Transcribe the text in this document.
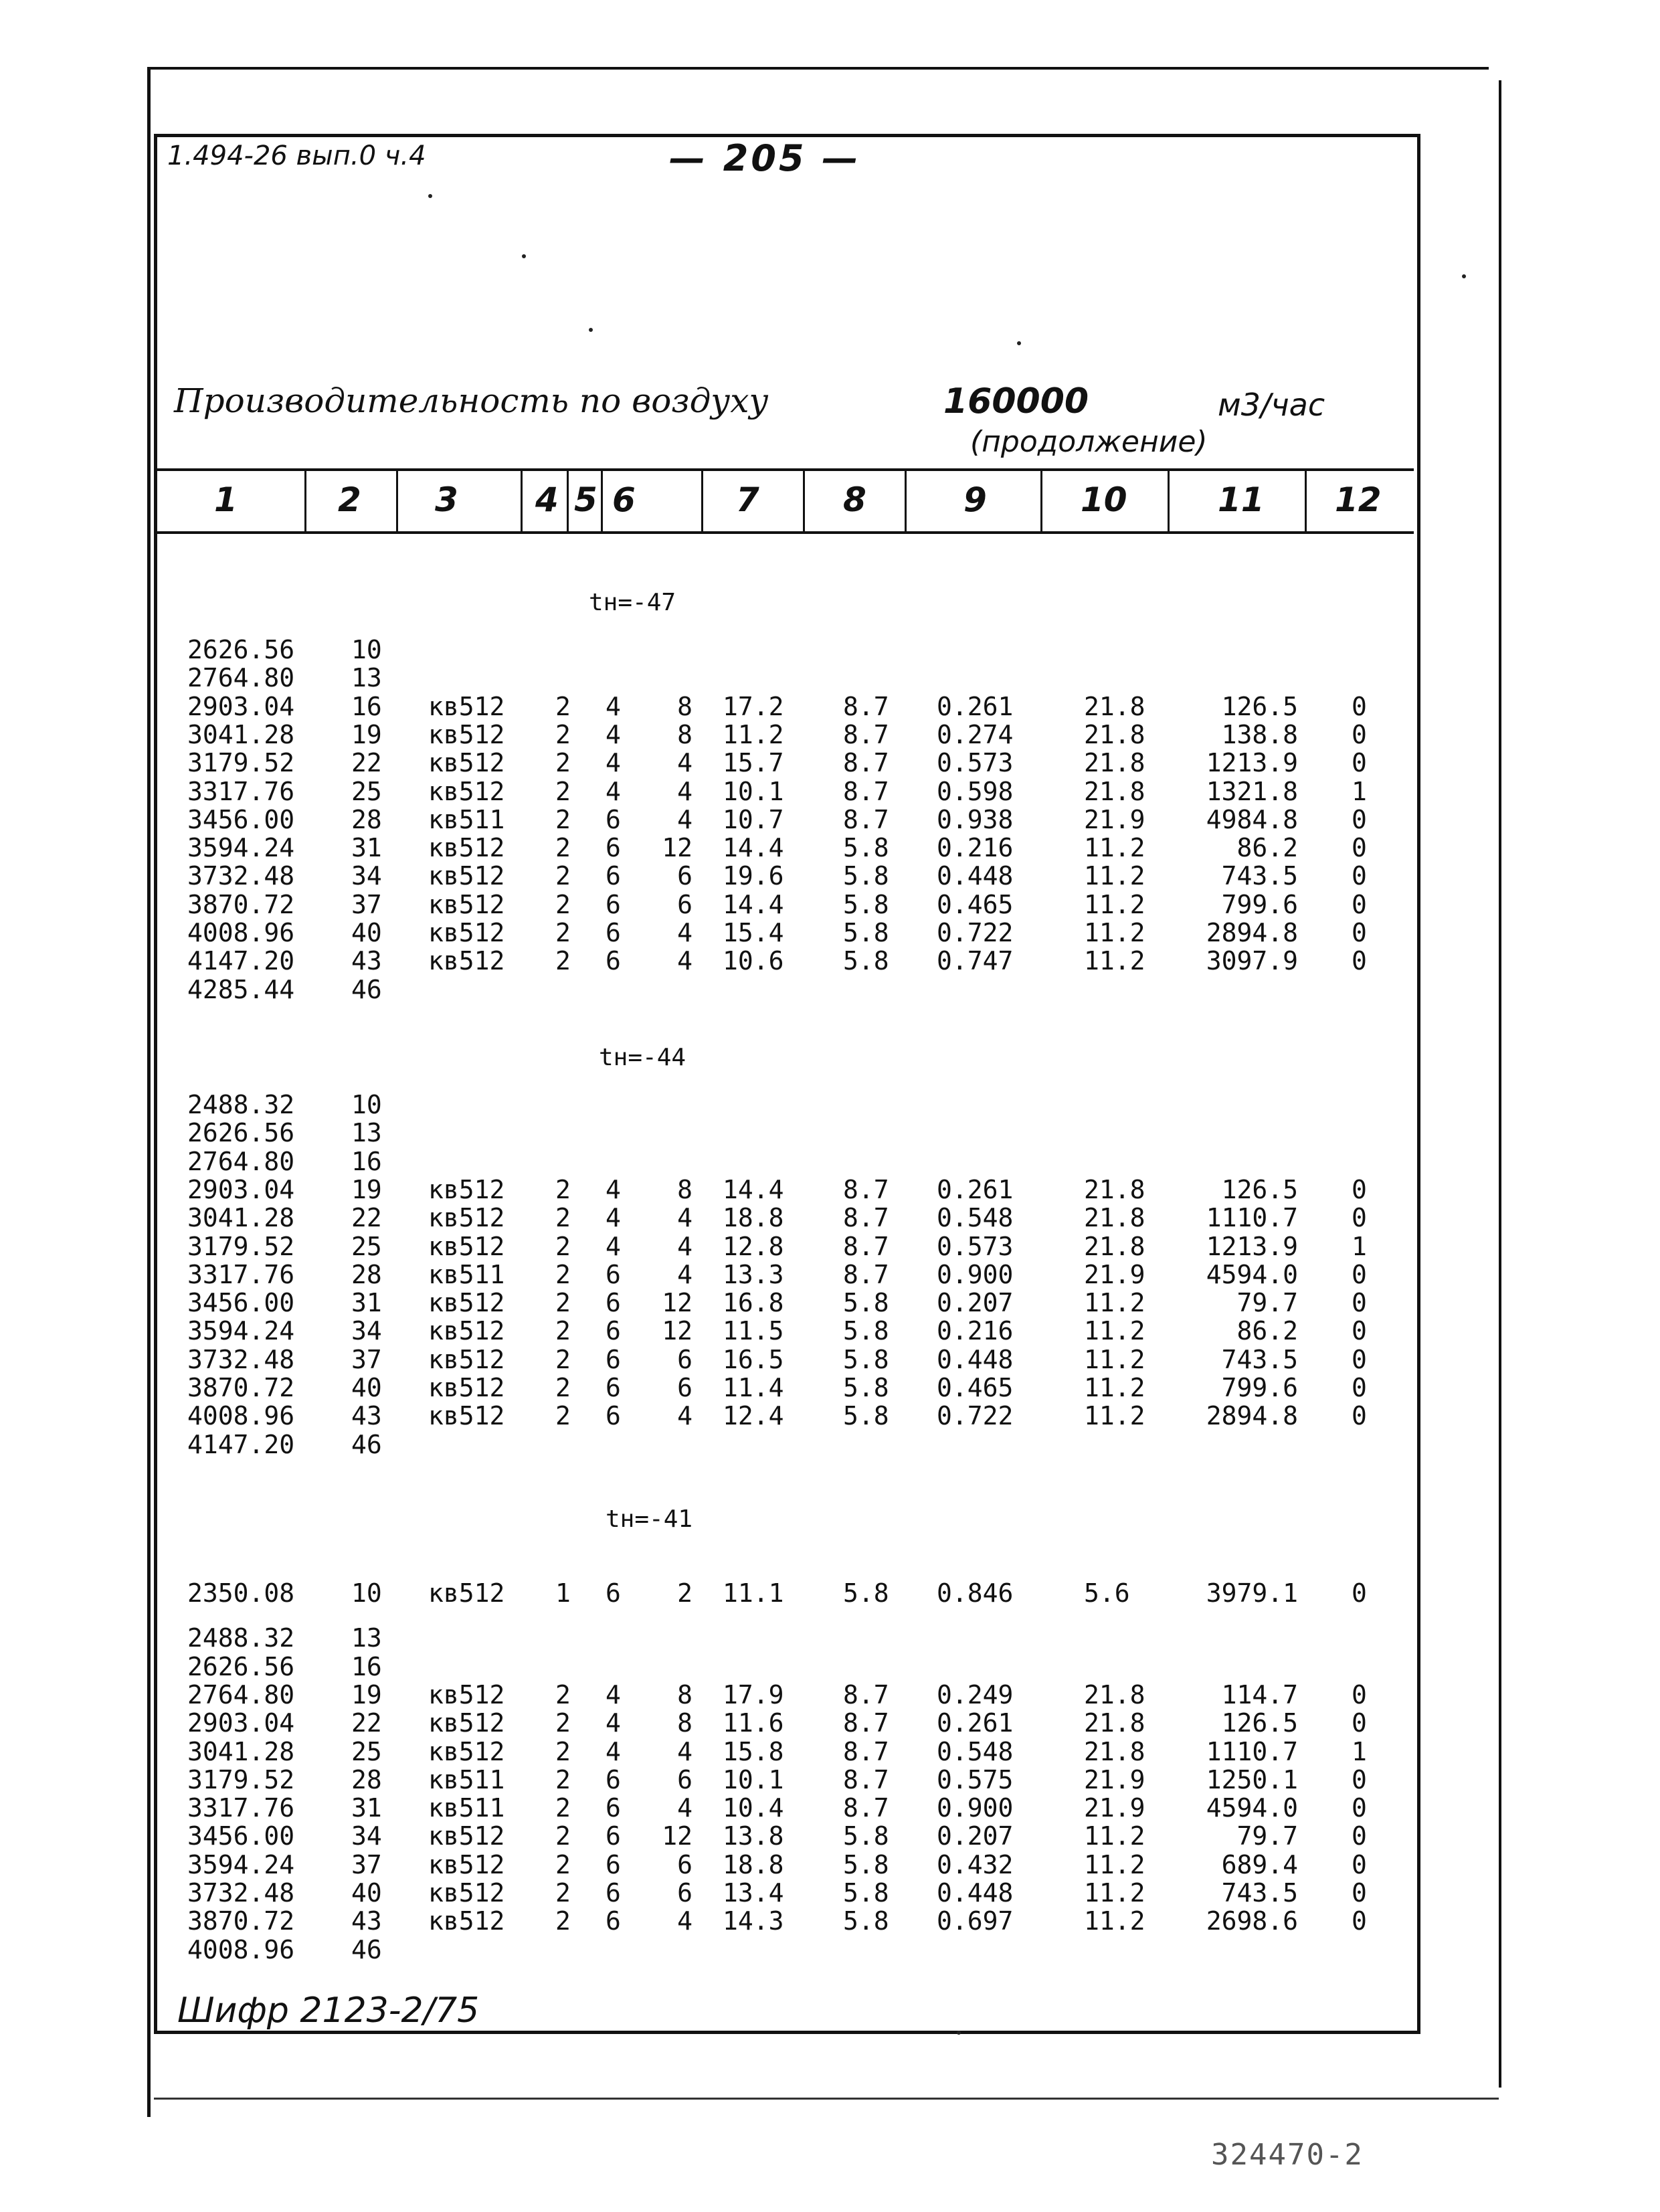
1.494-26 вып.0 ч.4	— 205 —
Производительность по воздуху	160000	м3/час
(продолжение)
1	2 3 4 5 6	7	8	9	10	11 12
tн=-47
2626.56 10
2764.80 13
2903.04 16 кв512 2 4	8 17.2 8.7 0.261	21.8	126.5 0
3041.28 19 кв512 2 4	8 11.2 8.7 0.274	21.8	138.8 0
3179.52 22 кв512 2 4	4 15.7 8.7 0.573	21.8	1213.9 0
3317.76 25 кв512 2 4	4 10.1 8.7 0.598	21.8	1321.8 1
3456.00 28 кв511 2 6	4 10.7 8.7 0.938	21.9	4984.8 0
3594.24 31 кв512 2 6	12 14.4 5.8 0.216	11.2	86.2 0
3732.48 34 кв512 2 6	6 19.6 5.8 0.448	11.2	743.5 0
3870.72 37 кв512 2 6	6 14.4 5.8 0.465	11.2	799.6 0
4008.96 40 кв512 2 6	4 15.4 5.8 0.722	11.2	2894.8 0
4147.20 43 кв512 2 6	4 10.6 5.8 0.747	11.2	3097.9 0
4285.44 46
tн=-44
2488.32 10
2626.56 13
2764.80 16
2903.04 19 кв512 2 4	8 14.4 8.7 0.261	21.8	126.5 0
3041.28 22 кв512 2 4	4 18.8 8.7 0.548	21.8	1110.7 0
3179.52 25 кв512 2 4	4 12.8 8.7 0.573	21.8	1213.9 1
3317.76 28 кв511 2 6	4 13.3 8.7 0.900	21.9	4594.0 0
3456.00 31 кв512 2 6	12 16.8 5.8 0.207	11.2	79.7 0
3594.24 34 кв512 2 6	12 11.5 5.8 0.216	11.2	86.2 0
3732.48 37 кв512 2 6	6 16.5 5.8 0.448	11.2	743.5 0
3870.72 40 кв512 2 6	6 11.4 5.8 0.465	11.2	799.6 0
4008.96 43 кв512 2 6	4 12.4 5.8 0.722	11.2	2894.8 0
4147.20 46
tн=-41
2350.08 10 кв512 1 6	2 11.1 5.8 0.846	5.6	3979.1 0
2488.32 13
2626.56 16
2764.80 19 кв512 2 4	8 17.9 8.7 0.249	21.8	114.7 0
2903.04 22 кв512 2 4	8 11.6 8.7 0.261	21.8	126.5 0
3041.28 25 кв512 2 4	4 15.8 8.7 0.548	21.8	1110.7 1
3179.52 28 кв511 2 6	6 10.1 8.7 0.575	21.9	1250.1 0
3317.76 31 кв511 2 6	4 10.4 8.7 0.900	21.9	4594.0 0
3456.00 34 кв512 2 6	12 13.8 5.8 0.207	11.2	79.7 0
3594.24 37 кв512 2 6	6 18.8 5.8 0.432	11.2	689.4 0
3732.48 40 кв512 2 6	6 13.4 5.8 0.448	11.2	743.5 0
3870.72 43 кв512 2 6	4 14.3 5.8 0.697	11.2	2698.6 0
4008.96 46
Шифр 2123-2/75
324470-2
